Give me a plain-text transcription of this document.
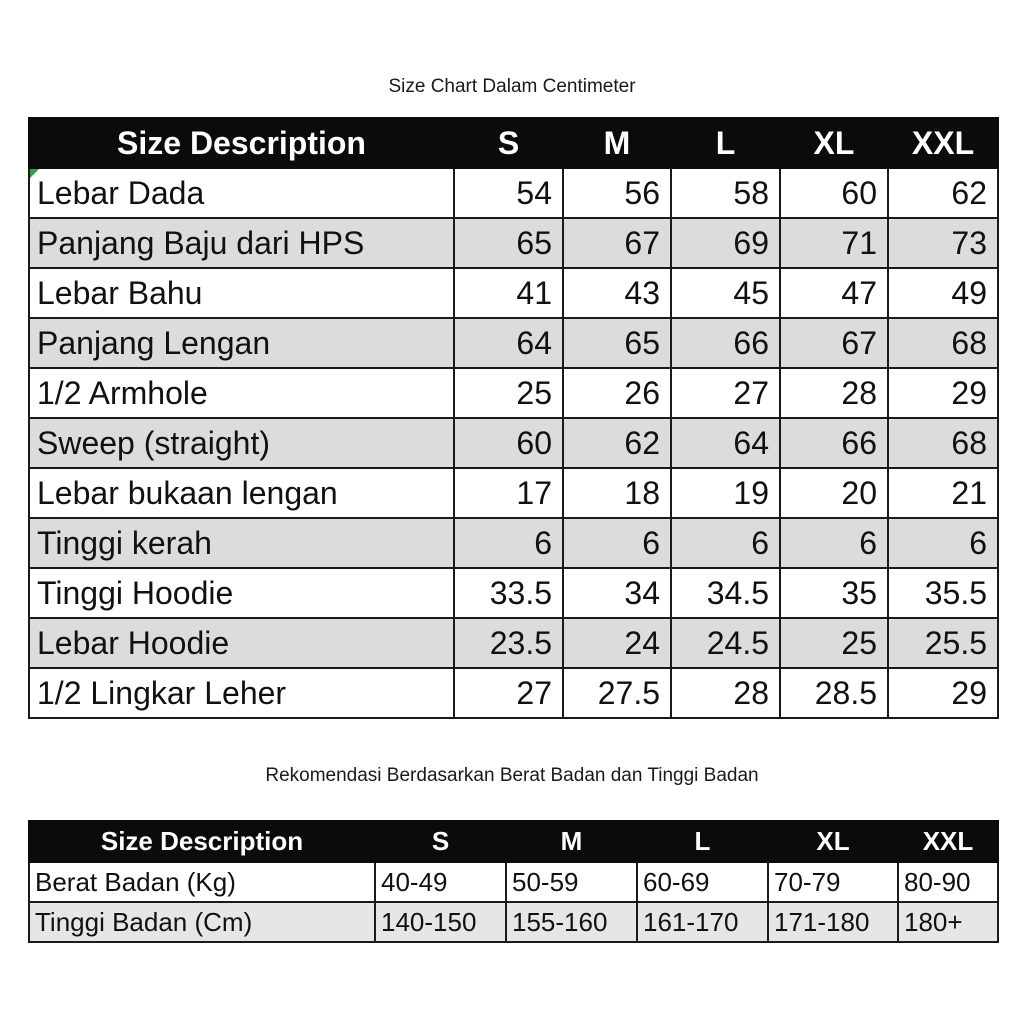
Size Chart Dalam Centimeter
Size Description	S	M	L	XL	XXL

Lebar Dada	54	56	58	60	62
Panjang Baju dari HPS	65	67	69	71	73
Lebar Bahu	41	43	45	47	49
Panjang Lengan	64	65	66	67	68
1/2 Armhole	25	26	27	28	29
Sweep (straight)	60	62	64	66	68
Lebar bukaan lengan	17	18	19	20	21
Tinggi kerah	6	6	6	6	6
Tinggi Hoodie	33.5	34	34.5	35	35.5
Lebar Hoodie	23.5	24	24.5	25	25.5
1/2 Lingkar Leher	27	27.5	28	28.5	29
Rekomendasi Berdasarkan Berat Badan dan Tinggi Badan
Size Description	S	M	L	XL	XXL
Berat Badan (Kg)	40-49	50-59	60-69	70-79	80-90
Tinggi Badan (Cm)	140-150	155-160	161-170	171-180	180+
